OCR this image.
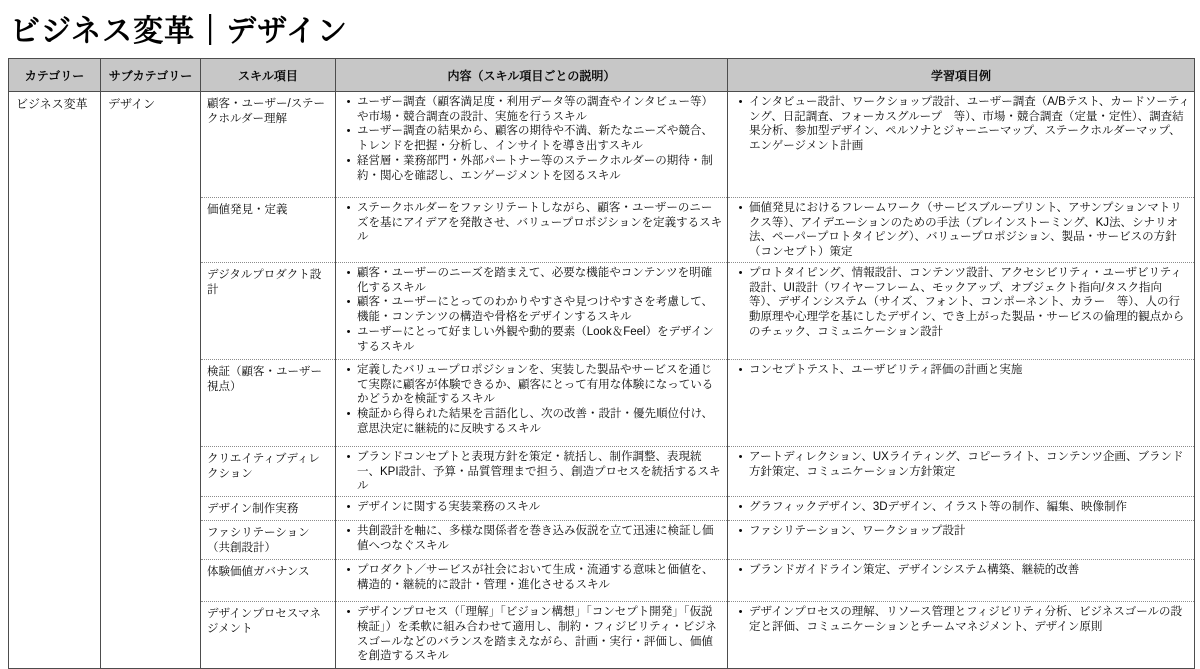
ビジネス変革｜デザイン
カテゴリー	サブカテゴリー	スキル項目	内容（スキル項目ごとの説明）	学習項目例
ビジネス変革	デザイン	顧客・ユーザー/ステークホルダー理解	• ユーザー調査（顧客満足度・利用データ等の調査やインタビュー等）や市場・競合調査の設計、実施を行うスキル
• ユーザー調査の結果から、顧客の期待や不満、新たなニーズや競合、トレンドを把握・分析し、インサイトを導き出すスキル
• 経営層・業務部門・外部パートナー等のステークホルダーの期待・制約・関心を確認し、エンゲージメントを図るスキル	• インタビュー設計、ワークショップ設計、ユーザー調査（A/Bテスト、カードソーティング、日記調査、フォーカスグループ　等）、市場・競合調査（定量・定性）、調査結果分析、参加型デザイン、ペルソナとジャーニーマップ、ステークホルダーマップ、エンゲージメント計画

		価値発見・定義	• ステークホルダーをファシリテートしながら、顧客・ユーザーのニーズを基にアイデアを発散させ、バリュープロポジションを定義するスキル	• 価値発見におけるフレームワーク（サービスブループリント、アサンプションマトリクス等）、アイデエーションのための手法（ブレインストーミング、KJ法、シナリオ法、ペーパープロトタイピング）、バリュープロポジション、製品・サービスの方針（コンセプト）策定

		デジタルプロダクト設計	• 顧客・ユーザーのニーズを踏まえて、必要な機能やコンテンツを明確化するスキル
• 顧客・ユーザーにとってのわかりやすさや見つけやすさを考慮して、機能・コンテンツの構造や骨格をデザインするスキル
• ユーザーにとって好ましい外観や動的要素（Look＆Feel）をデザインするスキル	• プロトタイピング、情報設計、コンテンツ設計、アクセシビリティ・ユーザビリティ設計、UI設計（ワイヤーフレーム、モックアップ、オブジェクト指向/タスク指向　等）、デザインシステム（サイズ、フォント、コンポーネント、カラー　等）、人の行動原理や心理学を基にしたデザイン、でき上がった製品・サービスの倫理的観点からのチェック、コミュニケーション設計

		検証（顧客・ユーザー視点）	• 定義したバリュープロポジションを、実装した製品やサービスを通じて実際に顧客が体験できるか、顧客にとって有用な体験になっているかどうかを検証するスキル
• 検証から得られた結果を言語化し、次の改善・設計・優先順位付け、意思決定に継続的に反映するスキル	• コンセプトテスト、ユーザビリティ評価の計画と実施

		クリエイティブディレクション	• ブランドコンセプトと表現方針を策定・統括し、制作調整、表現統一、KPI設計、予算・品質管理まで担う、創造プロセスを統括するスキル	• アートディレクション、UXライティング、コピーライト、コンテンツ企画、ブランド方針策定、コミュニケーション方針策定

		デザイン制作実務	• デザインに関する実装業務のスキル	• グラフィックデザイン、3Dデザイン、イラスト等の制作、編集、映像制作

		ファシリテーション（共創設計）	• 共創設計を軸に、多様な関係者を巻き込み仮説を立て迅速に検証し価値へつなぐスキル	• ファシリテーション、ワークショップ設計

		体験価値ガバナンス	• プロダクト／サービスが社会において生成・流通する意味と価値を、構造的・継続的に設計・管理・進化させるスキル	• ブランドガイドライン策定、デザインシステム構築、継続的改善

		デザインプロセスマネジメント	• デザインプロセス（「理解」「ビジョン構想」「コンセプト開発」「仮説検証」）を柔軟に組み合わせて適用し、制約・フィジビリティ・ビジネスゴールなどのバランスを踏まえながら、計画・実行・評価し、価値を創造するスキル	• デザインプロセスの理解、リソース管理とフィジビリティ分析、ビジネスゴールの設定と評価、コミュニケーションとチームマネジメント、デザイン原則
